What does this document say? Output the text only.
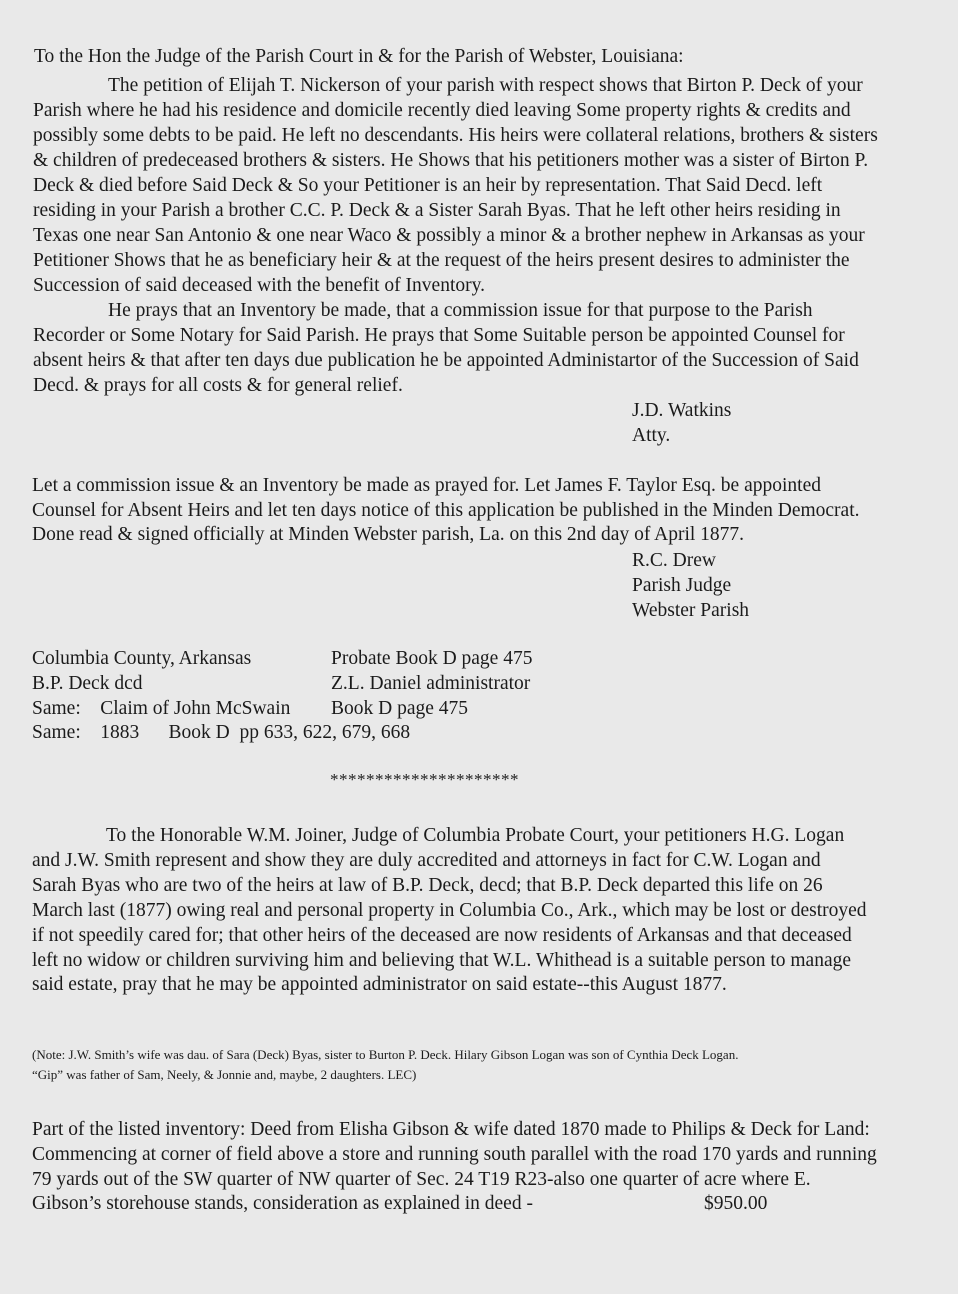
To the Hon the Judge of the Parish Court in & for the Parish of Webster, Louisiana:
The petition of Elijah T. Nickerson of your parish with respect shows that Birton P. Deck of your
Parish where he had his residence and domicile recently died leaving Some property rights & credits and
possibly some debts to be paid. He left no descendants. His heirs were collateral relations, brothers & sisters
& children of predeceased brothers & sisters. He Shows that his petitioners mother was a sister of Birton P.
Deck & died before Said Deck & So your Petitioner is an heir by representation. That Said Decd. left
residing in your Parish a brother C.C. P. Deck & a Sister Sarah Byas. That he left other heirs residing in
Texas one near San Antonio & one near Waco & possibly a minor & a brother nephew in Arkansas as your
Petitioner Shows that he as beneficiary heir & at the request of the heirs present desires to administer the
Succession of said deceased with the benefit of Inventory.
He prays that an Inventory be made, that a commission issue for that purpose to the Parish
Recorder or Some Notary for Said Parish. He prays that Some Suitable person be appointed Counsel for
absent heirs & that after ten days due publication he be appointed Administartor of the Succession of Said
Decd. & prays for all costs & for general relief.
J.D. Watkins
Atty.
Let a commission issue & an Inventory be made as prayed for. Let James F. Taylor Esq. be appointed
Counsel for Absent Heirs and let ten days notice of this application be published in the Minden Democrat.
Done read & signed officially at Minden Webster parish, La. on this 2nd day of April 1877.
R.C. Drew
Parish Judge
Webster Parish
Columbia County, Arkansas	Probate Book D page 475
B.P. Deck dcd	Z.L. Daniel administrator
Same:    Claim of John McSwain Book D page 475
Same:    1883      Book D  pp 633, 622, 679, 668
*********************
To the Honorable W.M. Joiner, Judge of Columbia Probate Court, your petitioners H.G. Logan
and J.W. Smith represent and show they are duly accredited and attorneys in fact for C.W. Logan and
Sarah Byas who are two of the heirs at law of B.P. Deck, decd; that B.P. Deck departed this life on 26
March last (1877) owing real and personal property in Columbia Co., Ark., which may be lost or destroyed
if not speedily cared for; that other heirs of the deceased are now residents of Arkansas and that deceased
left no widow or children surviving him and believing that W.L. Whithead is a suitable person to manage
said estate, pray that he may be appointed administrator on said estate--this August 1877.
(Note: J.W. Smith’s wife was dau. of Sara (Deck) Byas, sister to Burton P. Deck. Hilary Gibson Logan was son of Cynthia Deck Logan.
“Gip” was father of Sam, Neely, & Jonnie and, maybe, 2 daughters. LEC)
Part of the listed inventory: Deed from Elisha Gibson & wife dated 1870 made to Philips & Deck for Land:
Commencing at corner of field above a store and running south parallel with the road 170 yards and running
79 yards out of the SW quarter of NW quarter of Sec. 24 T19 R23-also one quarter of acre where E.
Gibson’s storehouse stands, consideration as explained in deed -	$950.00
